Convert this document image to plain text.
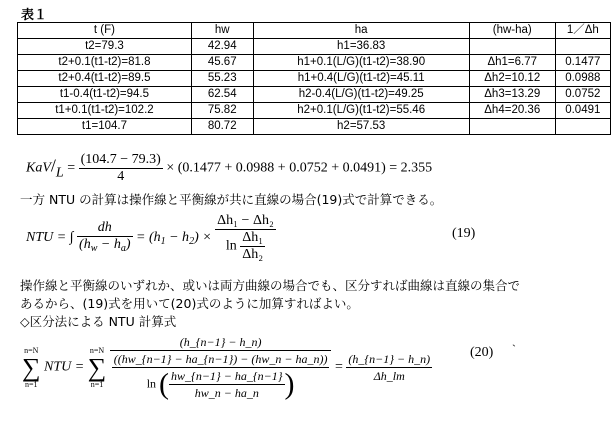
表１
t (F)	hw	ha	(hw-ha)	1／Δh
t2=79.3	42.94	h1=36.83		
t2+0.1(t1-t2)=81.8	45.67	h1+0.1(L/G)(t1-t2)=38.90	Δh1=6.77	0.1477
t2+0.4(t1-t2)=89.5	55.23	h1+0.4(L/G)(t1-t2)=45.11	Δh2=10.12	0.0988
t1-0.4(t1-t2)=94.5	62.54	h2-0.4(L/G)(t1-t2)=49.25	Δh3=13.29	0.0752
t1+0.1(t1-t2)=102.2	75.82	h2+0.1(L/G)(t1-t2)=55.46	Δh4=20.36	0.0491
t1=104.7	80.72	h2=57.53		
$KaV/L = \frac{(104.7 - 79.3)}{4} \times (0.1477 + 0.0988 + 0.0752 + 0.0491) = 2.355$
一方 NTU の計算は操作線と平衡線が共に直線の場合(19)式で計算できる。
NTU = ∫ $\frac{dh}{(h_w - h_a)} = (h_1 - h_2) \times \frac{\text{Δh₁ − Δh₂}}{\ln \frac{\text{Δh₁}}{\text{Δh₂}}}$	(19)
操作線と平衡線のいずれか、或いは両方曲線の場合でも、区分すれば曲線は直線の集合で
あるから、(19)式を用いて(20)式のように加算すればよい。
◇区分法による NTU 計算式
n=N
∑
n=1
NTU =
n=N
∑
n=1

(h_{n−1} − h_n)
$\frac{((hw\_\{n-1\} - ha\_\{n-1\}) - (hw\_n - ha\_n))}{\ln ( \frac{hw\_\{n-1\} - ha\_\{n-1\}}{hw\_n - ha\_n} )} = \frac{(h\_\{n-1\} - h\_n)}{\Delta h\_lm}$	(20) ˋ
